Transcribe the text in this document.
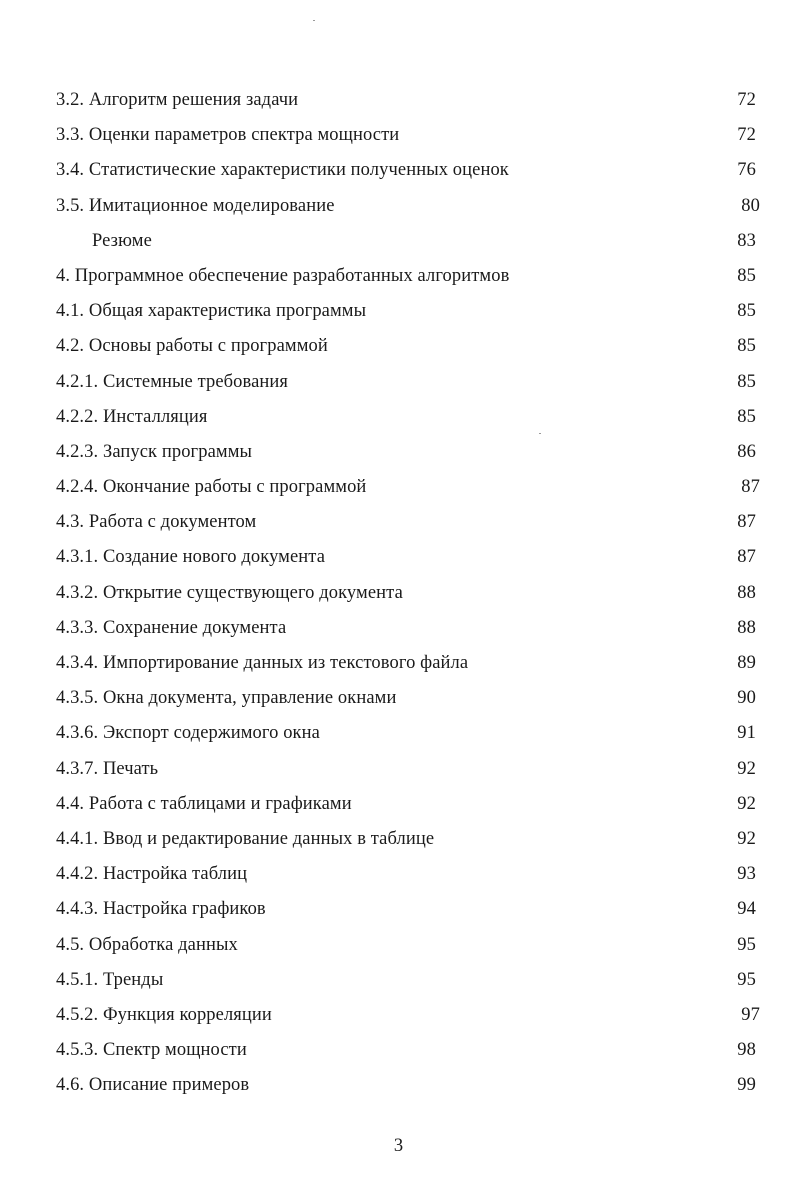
3.2. Алгоритм решения задачи	72
3.3. Оценки параметров спектра мощности	72
3.4. Статистические характеристики полученных оценок	76
3.5. Имитационное моделирование	80
Резюме	83
4. Программное обеспечение разработанных алгоритмов	85
4.1. Общая характеристика программы	85
4.2. Основы работы с программой	85
4.2.1. Системные требования	85
4.2.2. Инсталляция	85
4.2.3. Запуск программы	86
4.2.4. Окончание работы с программой	87
4.3. Работа с документом	87
4.3.1. Создание нового документа	87
4.3.2. Открытие существующего документа	88
4.3.3. Сохранение документа	88
4.3.4. Импортирование данных из текстового файла	89
4.3.5. Окна документа, управление окнами	90
4.3.6. Экспорт содержимого окна	91
4.3.7. Печать	92
4.4. Работа с таблицами и графиками	92
4.4.1. Ввод и редактирование данных в таблице	92
4.4.2. Настройка таблиц	93
4.4.3. Настройка графиков	94
4.5. Обработка данных	95
4.5.1. Тренды	95
4.5.2. Функция корреляции	97
4.5.3. Спектр мощности	98
4.6. Описание примеров	99
3
